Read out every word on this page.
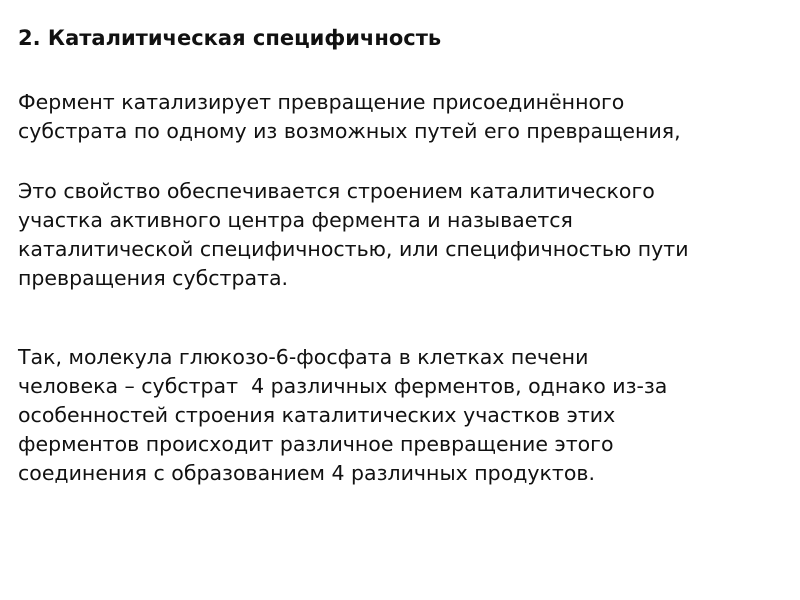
2. Каталитическая специфичность
Фермент катализирует превращение присоединённого
субстрата по одному из возможных путей его превращения,
Это свойство обеспечивается строением каталитического
участка активного центра фермента и называется
каталитической специфичностью, или специфичностью пути
превращения субстрата.
Так, молекула глюкозо-6-фосфата в клетках печени
человека – субстрат  4 различных ферментов, однако из-за
особенностей строения каталитических участков этих
ферментов происходит различное превращение этого
соединения с образованием 4 различных продуктов.
